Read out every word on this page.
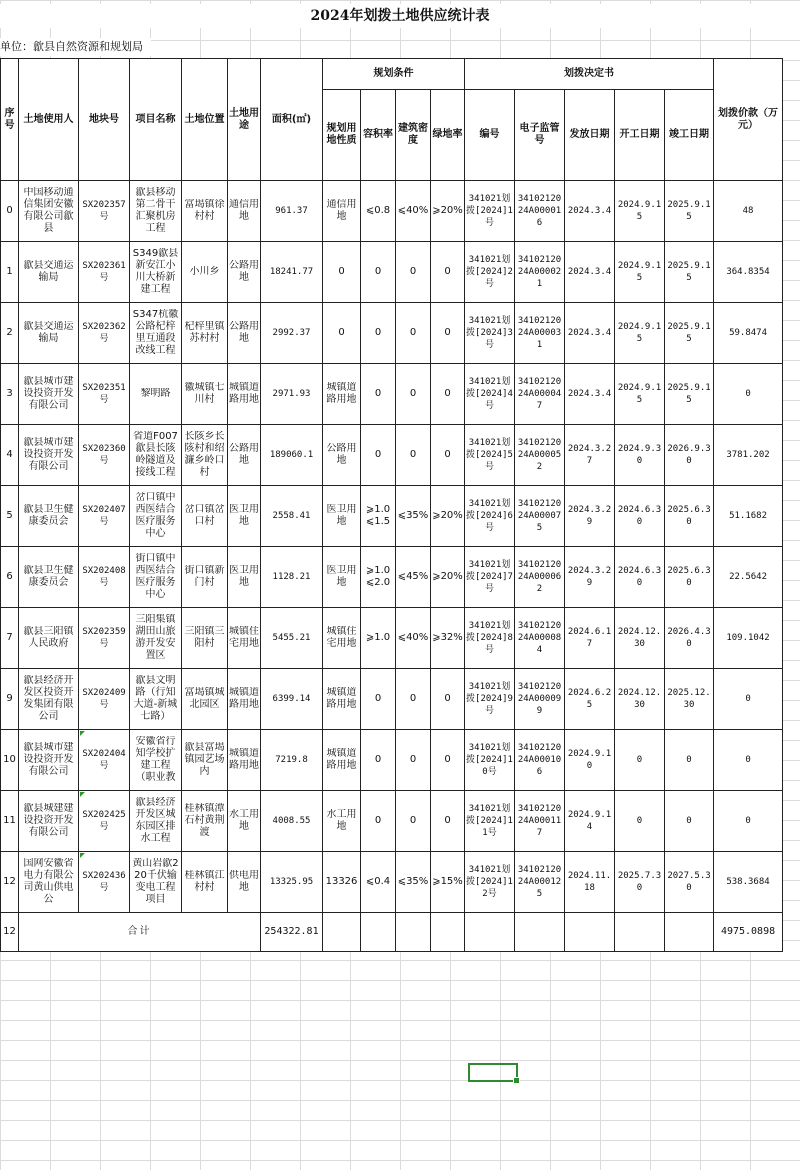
2024年划拨土地供应统计表
单位：歙县自然资源和规划局
序号	土地使用人	地块号	项目名称	土地位置	土地用途	面积(㎡)	规划条件				划拨决定书					划拨价款（万元）
							规划用地性质	容积率	建筑密度	绿地率	编号	电子监管号	发放日期	开工日期	竣工日期	

0	中国移动通信集团安徽有限公司歙县	SX202357号	歙县移动第二骨干汇聚机房工程	富堨镇徐村村	通信用地	961.37	通信用地	⩽0.8	⩽40%	⩾20%	341021划拨[2024]1号	3410212024A000016	2024.3.4	2024.9.15	2025.9.15	48

1	歙县交通运输局	SX202361号	S349歙县新安江小川大桥新建工程	小川乡	公路用地	18241.77	0	0	0	0	341021划拨[2024]2号	3410212024A000021	2024.3.4	2024.9.15	2025.9.15	364.8354

2	歙县交通运输局	SX202362号	S347杭徽公路杞梓里互通段改线工程	杞梓里镇苏村村	公路用地	2992.37	0	0	0	0	341021划拨[2024]3号	3410212024A000031	2024.3.4	2024.9.15	2025.9.15	59.8474

3	歙县城市建设投资开发有限公司	SX202351号	黎明路	徽城镇七川村	城镇道路用地	2971.93	城镇道路用地	0	0	0	341021划拨[2024]4号	3410212024A000047	2024.3.4	2024.9.15	2025.9.15	0

4	歙县城市建设投资开发有限公司	SX202360号	省道F007歙县长陔岭隧道及接线工程	长陔乡长陔村和绍濂乡岭口村	公路用地	189060.1	公路用地	0	0	0	341021划拨[2024]5号	3410212024A000052	2024.3.27	2024.9.30	2026.9.30	3781.202

5	歙县卫生健康委员会	SX202407号	岔口镇中西医结合医疗服务中心	岔口镇岔口村	医卫用地	2558.41	医卫用地	⩾1.0⩽1.5	⩽35%	⩾20%	341021划拨[2024]6号	3410212024A000075	2024.3.29	2024.6.30	2025.6.30	51.1682

6	歙县卫生健康委员会	SX202408号	街口镇中西医结合医疗服务中心	街口镇新门村	医卫用地	1128.21	医卫用地	⩾1.0⩽2.0	⩽45%	⩾20%	341021划拨[2024]7号	3410212024A000062	2024.3.29	2024.6.30	2025.6.30	22.5642

7	歙县三阳镇人民政府	SX202359号	三阳集镇湖田山旅游开发安置区	三阳镇三阳村	城镇住宅用地	5455.21	城镇住宅用地	⩾1.0	⩽40%	⩾32%	341021划拨[2024]8号	3410212024A000084	2024.6.17	2024.12.30	2026.4.30	109.1042

9	歙县经济开发区投资开发集团有限公司	SX202409号	歙县文明路（行知大道-新城七路）	富堨镇城北园区	城镇道路用地	6399.14	城镇道路用地	0	0	0	341021划拨[2024]9号	3410212024A000099	2024.6.25	2024.12.30	2025.12.30	0

10	歙县城市建设投资开发有限公司	SX202404号	安徽省行知学校扩建工程（职业教	歙县富堨镇园艺场内	城镇道路用地	7219.8	城镇道路用地	0	0	0	341021划拨[2024]10号	3410212024A000106	2024.9.10	0	0	0

11	歙县城建建设投资开发有限公司	SX202425号	歙县经济开发区城东园区排水工程	桂林镇潭石村黄荆渡	水工用地	4008.55	水工用地	0	0	0	341021划拨[2024]11号	3410212024A000117	2024.9.14	0	0	0

12	国网安徽省电力有限公司黄山供电公	SX202436号	黄山岩歙220千伏输变电工程项目	桂林镇江村村	供电用地	13325.95	13326	⩽0.4	⩽35%	⩾15%	341021划拨[2024]12号	3410212024A000125	2024.11.18	2025.7.30	2027.5.30	538.3684

12	合计					254322.81										4975.0898
